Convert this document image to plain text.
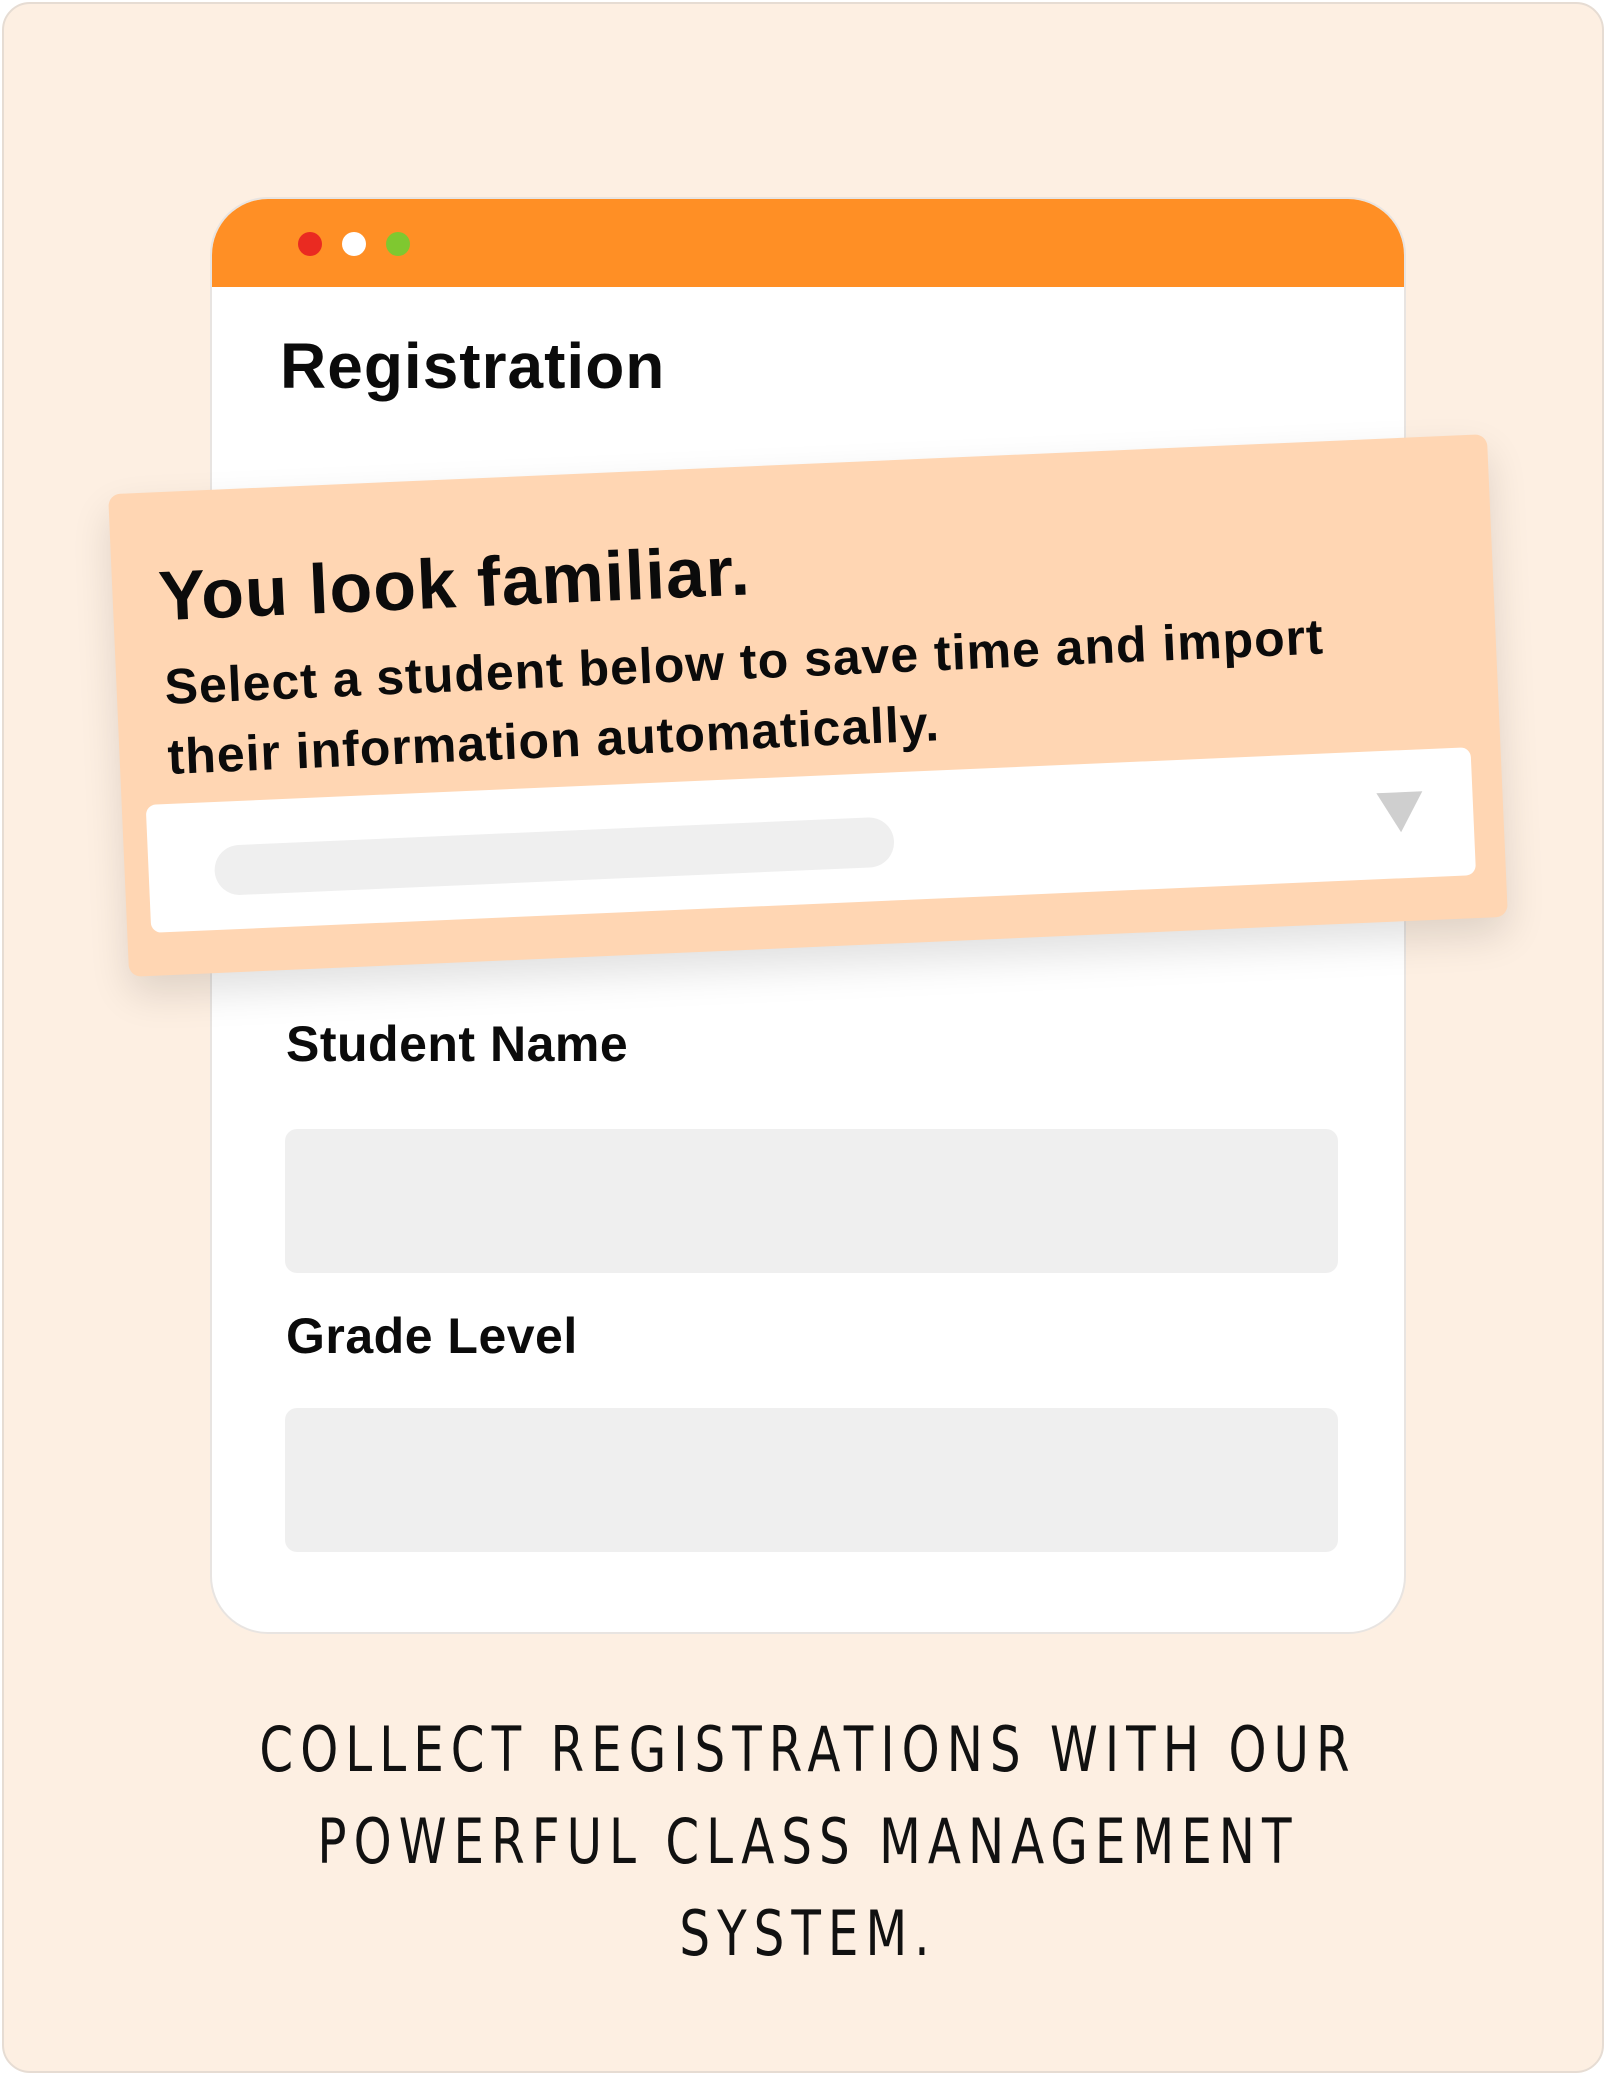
Registration
Student Name
Grade Level
You look familiar.

Select a student below to save time and import their information automatically.

COLLECT REGISTRATIONS WITH OUR
POWERFUL CLASS MANAGEMENT SYSTEM.
